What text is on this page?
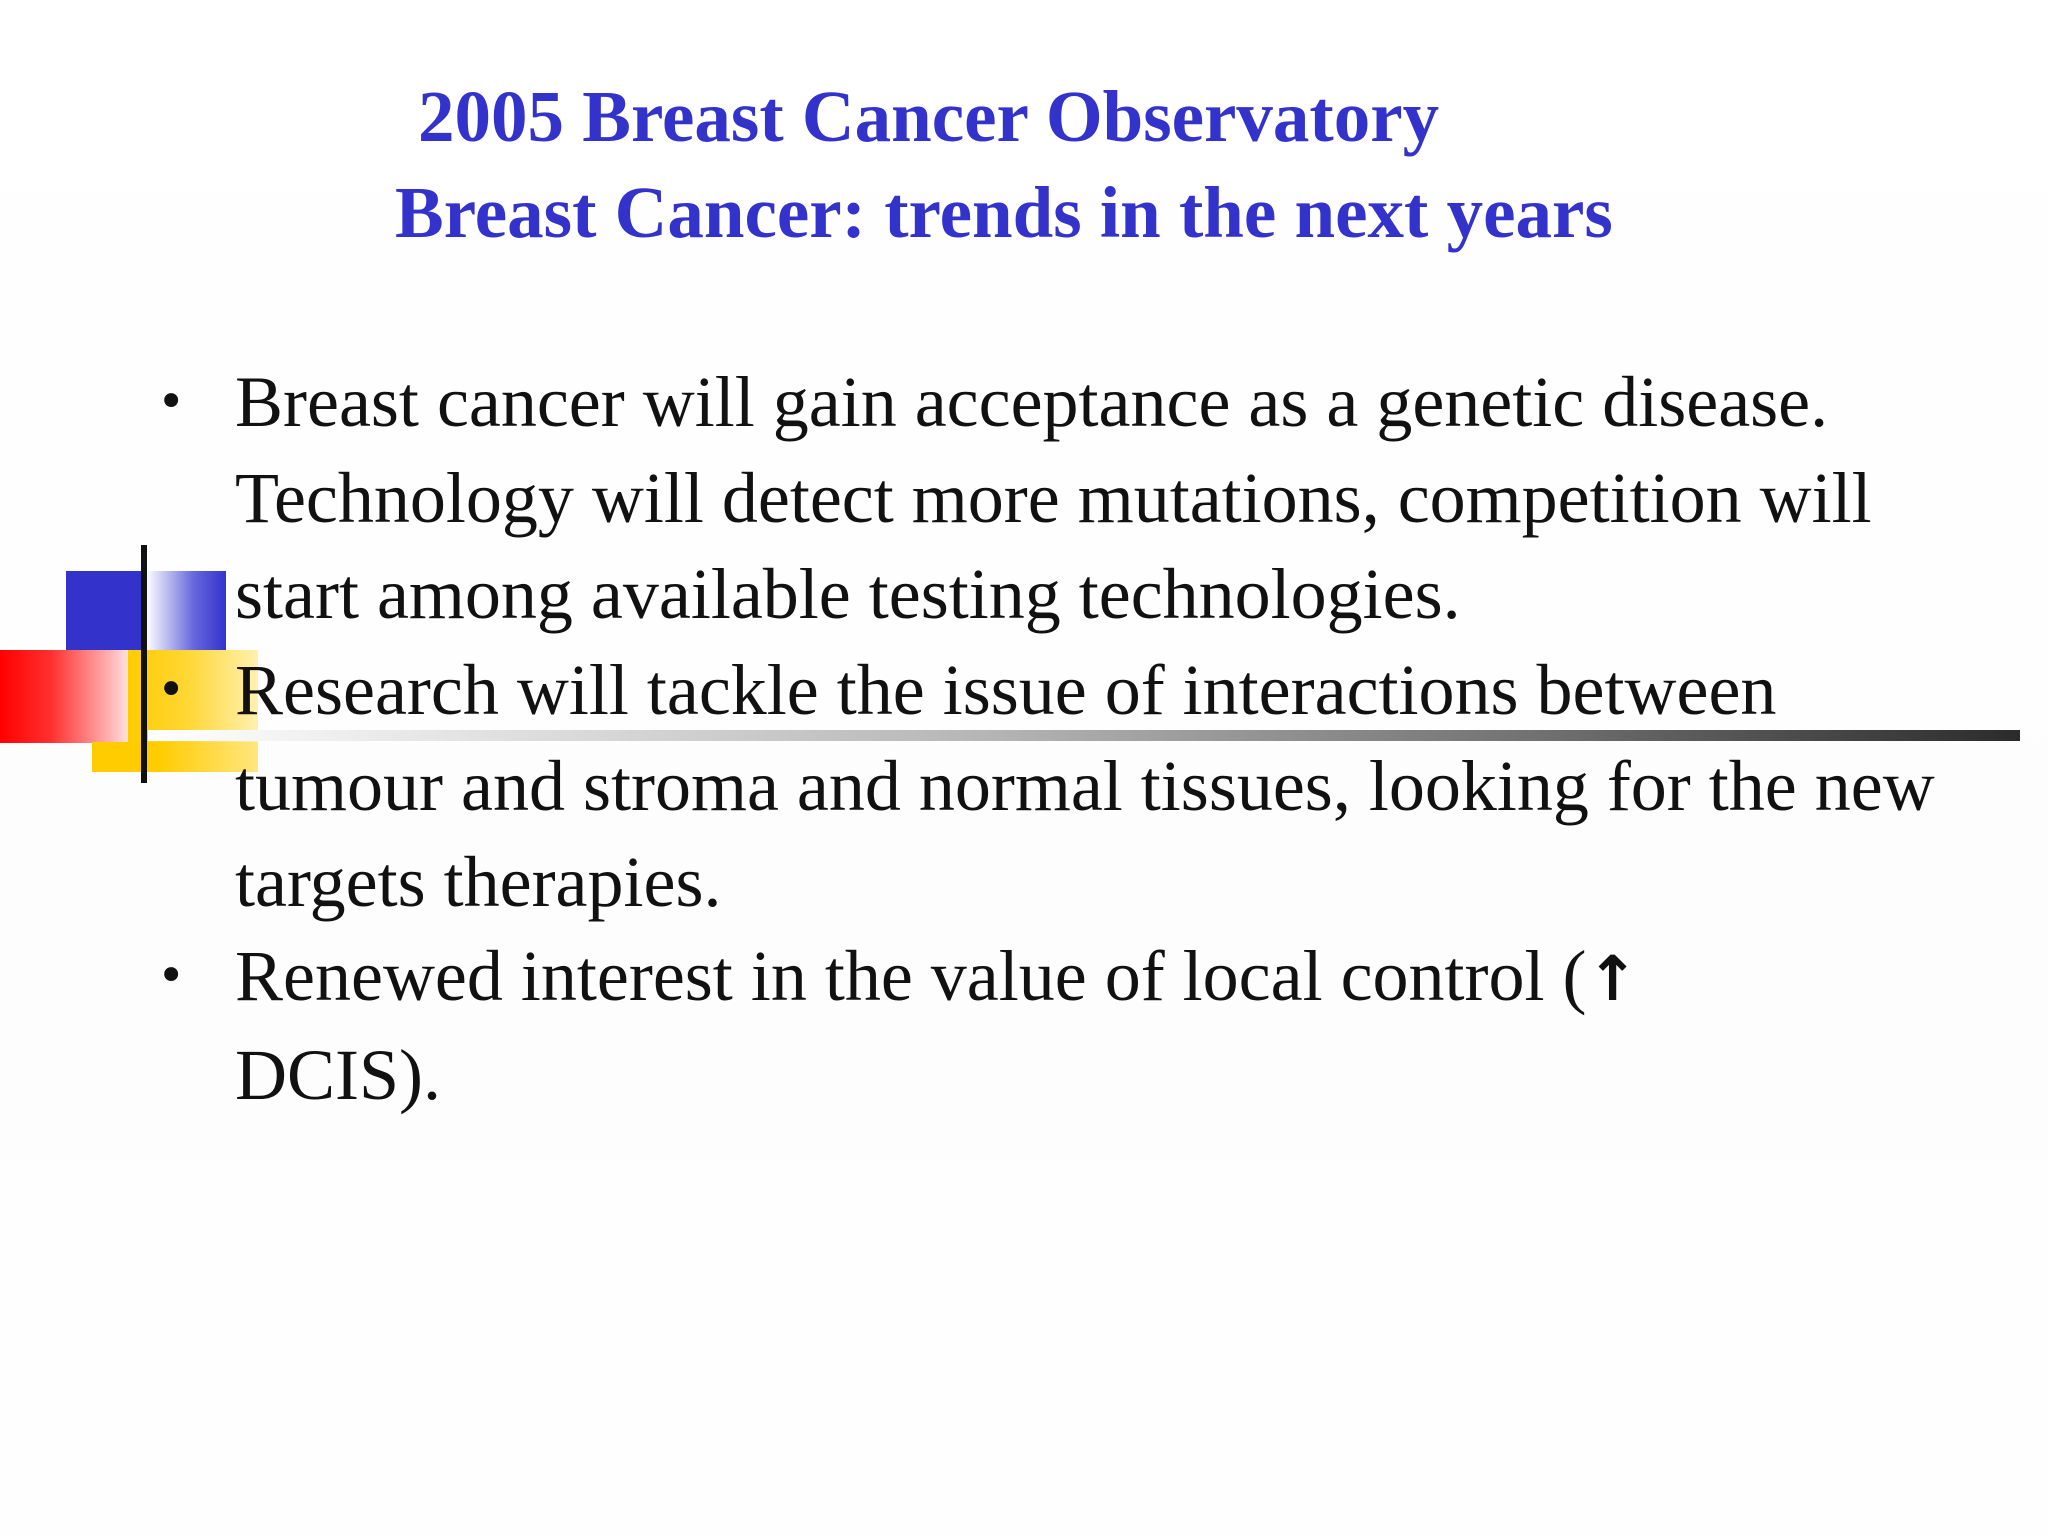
2005 Breast Cancer Observatory
Breast Cancer: trends in the next years
• Breast cancer will gain acceptance as a genetic disease. Technology will detect more mutations, competition will start among available testing technologies.
• Research will tackle the issue of interactions between tumour and stroma and normal tissues, looking for the new targets therapies.
• Renewed interest in the value of local control (↑
DCIS).
